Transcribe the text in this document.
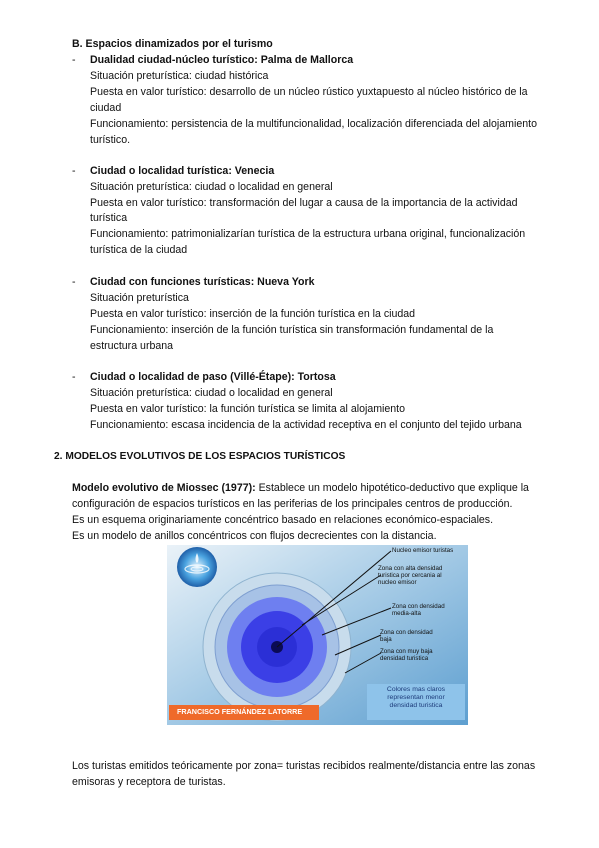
B. Espacios dinamizados por el turismo
- Dualidad ciudad-núcleo turístico: Palma de Mallorca
Situación preturística: ciudad histórica
Puesta en valor turístico: desarrollo de un núcleo rústico yuxtapuesto al núcleo histórico de la
ciudad
Funcionamiento: persistencia de la multifuncionalidad, localización diferenciada del alojamiento
turístico.
- Ciudad o localidad turística: Venecia
Situación preturística: ciudad o localidad en general
Puesta en valor turístico: transformación del lugar a causa de la importancia de la actividad
turística
Funcionamiento: patrimonializarían turística de la estructura urbana original, funcionalización
turística de la ciudad
- Ciudad con funciones turísticas: Nueva York
Situación preturística
Puesta en valor turístico: inserción de la función turística en la ciudad
Funcionamiento: inserción de la función turística sin transformación fundamental de la
estructura urbana
- Ciudad o localidad de paso (Villé-Étape): Tortosa
Situación preturística: ciudad o localidad en general
Puesta en valor turístico: la función turística se limita al alojamiento
Funcionamiento: escasa incidencia de la actividad receptiva en el conjunto del tejido urbana
2. MODELOS EVOLUTIVOS DE LOS ESPACIOS TURÍSTICOS
Modelo evolutivo de Miossec (1977): Establece un modelo hipotético-deductivo que explique la
configuración de espacios turísticos en las periferias de los principales centros de producción.
Es un esquema originariamente concéntrico basado en relaciones económico-espaciales.
Es un modelo de anillos concéntricos con flujos decrecientes con la distancia.
Nucleo emisor turistas
Zona con alta densidad
turistica por cercania al
nucleo emisor
Zona con densidad
media-alta
Zona con densidad
baja
Zona con muy baja
densidad turistica
Colores mas claros
representan menor
densidad turistica
FRANCISCO FERNÁNDEZ LATORRE
Los turistas emitidos teóricamente por zona= turistas recibidos realmente/distancia entre las zonas
emisoras y receptora de turistas.
